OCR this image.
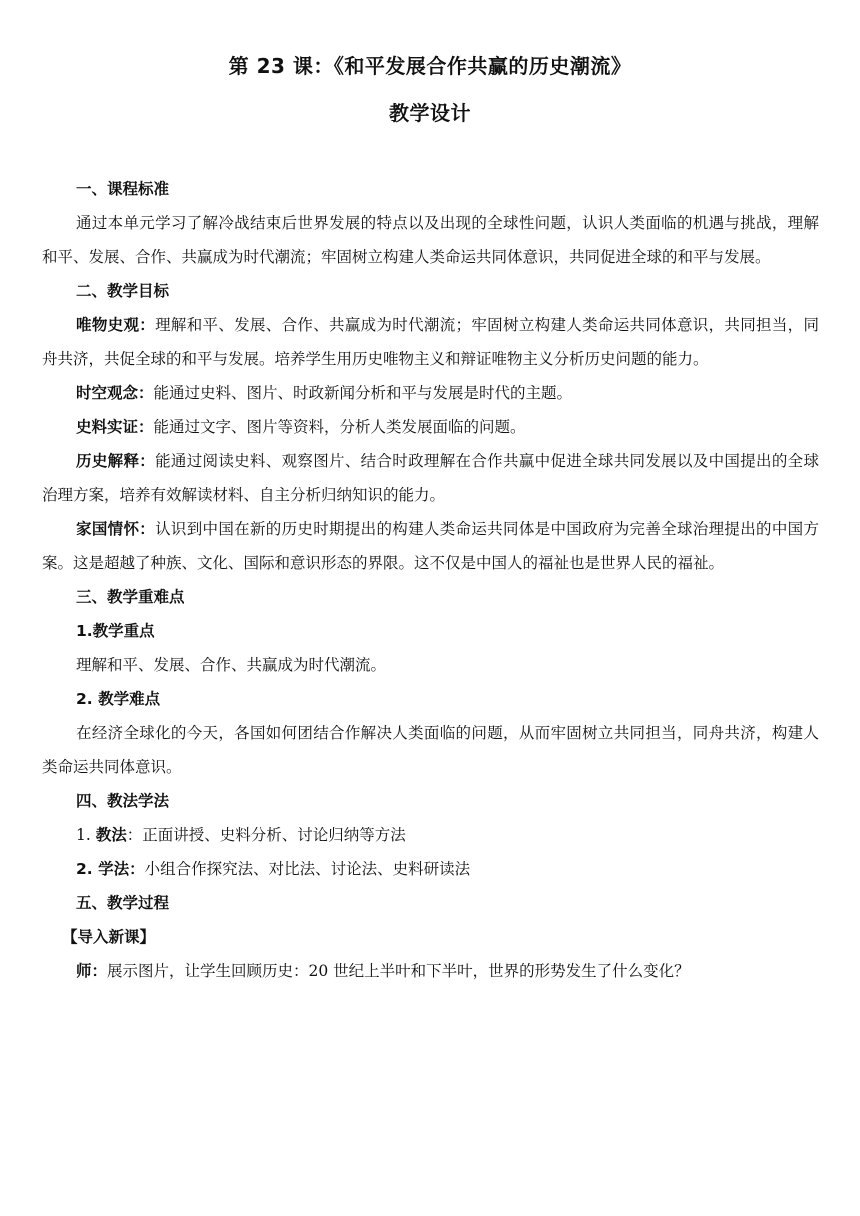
第 23 课：《和平发展合作共赢的历史潮流》
教学设计

一、课程标准

通过本单元学习了解冷战结束后世界发展的特点以及出现的全球性问题，认识人类面临的机遇与挑战，理解和平、发展、合作、共赢成为时代潮流；牢固树立构建人类命运共同体意识，共同促进全球的和平与发展。

二、教学目标

唯物史观：理解和平、发展、合作、共赢成为时代潮流；牢固树立构建人类命运共同体意识，共同担当，同舟共济，共促全球的和平与发展。培养学生用历史唯物主义和辩证唯物主义分析历史问题的能力。

时空观念：能通过史料、图片、时政新闻分析和平与发展是时代的主题。

史料实证：能通过文字、图片等资料，分析人类发展面临的问题。

历史解释：能通过阅读史料、观察图片、结合时政理解在合作共赢中促进全球共同发展以及中国提出的全球治理方案，培养有效解读材料、自主分析归纳知识的能力。

家国情怀：认识到中国在新的历史时期提出的构建人类命运共同体是中国政府为完善全球治理提出的中国方案。这是超越了种族、文化、国际和意识形态的界限。这不仅是中国人的福祉也是世界人民的福祉。

三、教学重难点

1.教学重点

理解和平、发展、合作、共赢成为时代潮流。

2. 教学难点

在经济全球化的今天，各国如何团结合作解决人类面临的问题，从而牢固树立共同担当，同舟共济，构建人类命运共同体意识。

四、教法学法

1. 教法：正面讲授、史料分析、讨论归纳等方法

2. 学法：小组合作探究法、对比法、讨论法、史料研读法

五、教学过程

【导入新课】

师：展示图片，让学生回顾历史：20 世纪上半叶和下半叶，世界的形势发生了什么变化？
